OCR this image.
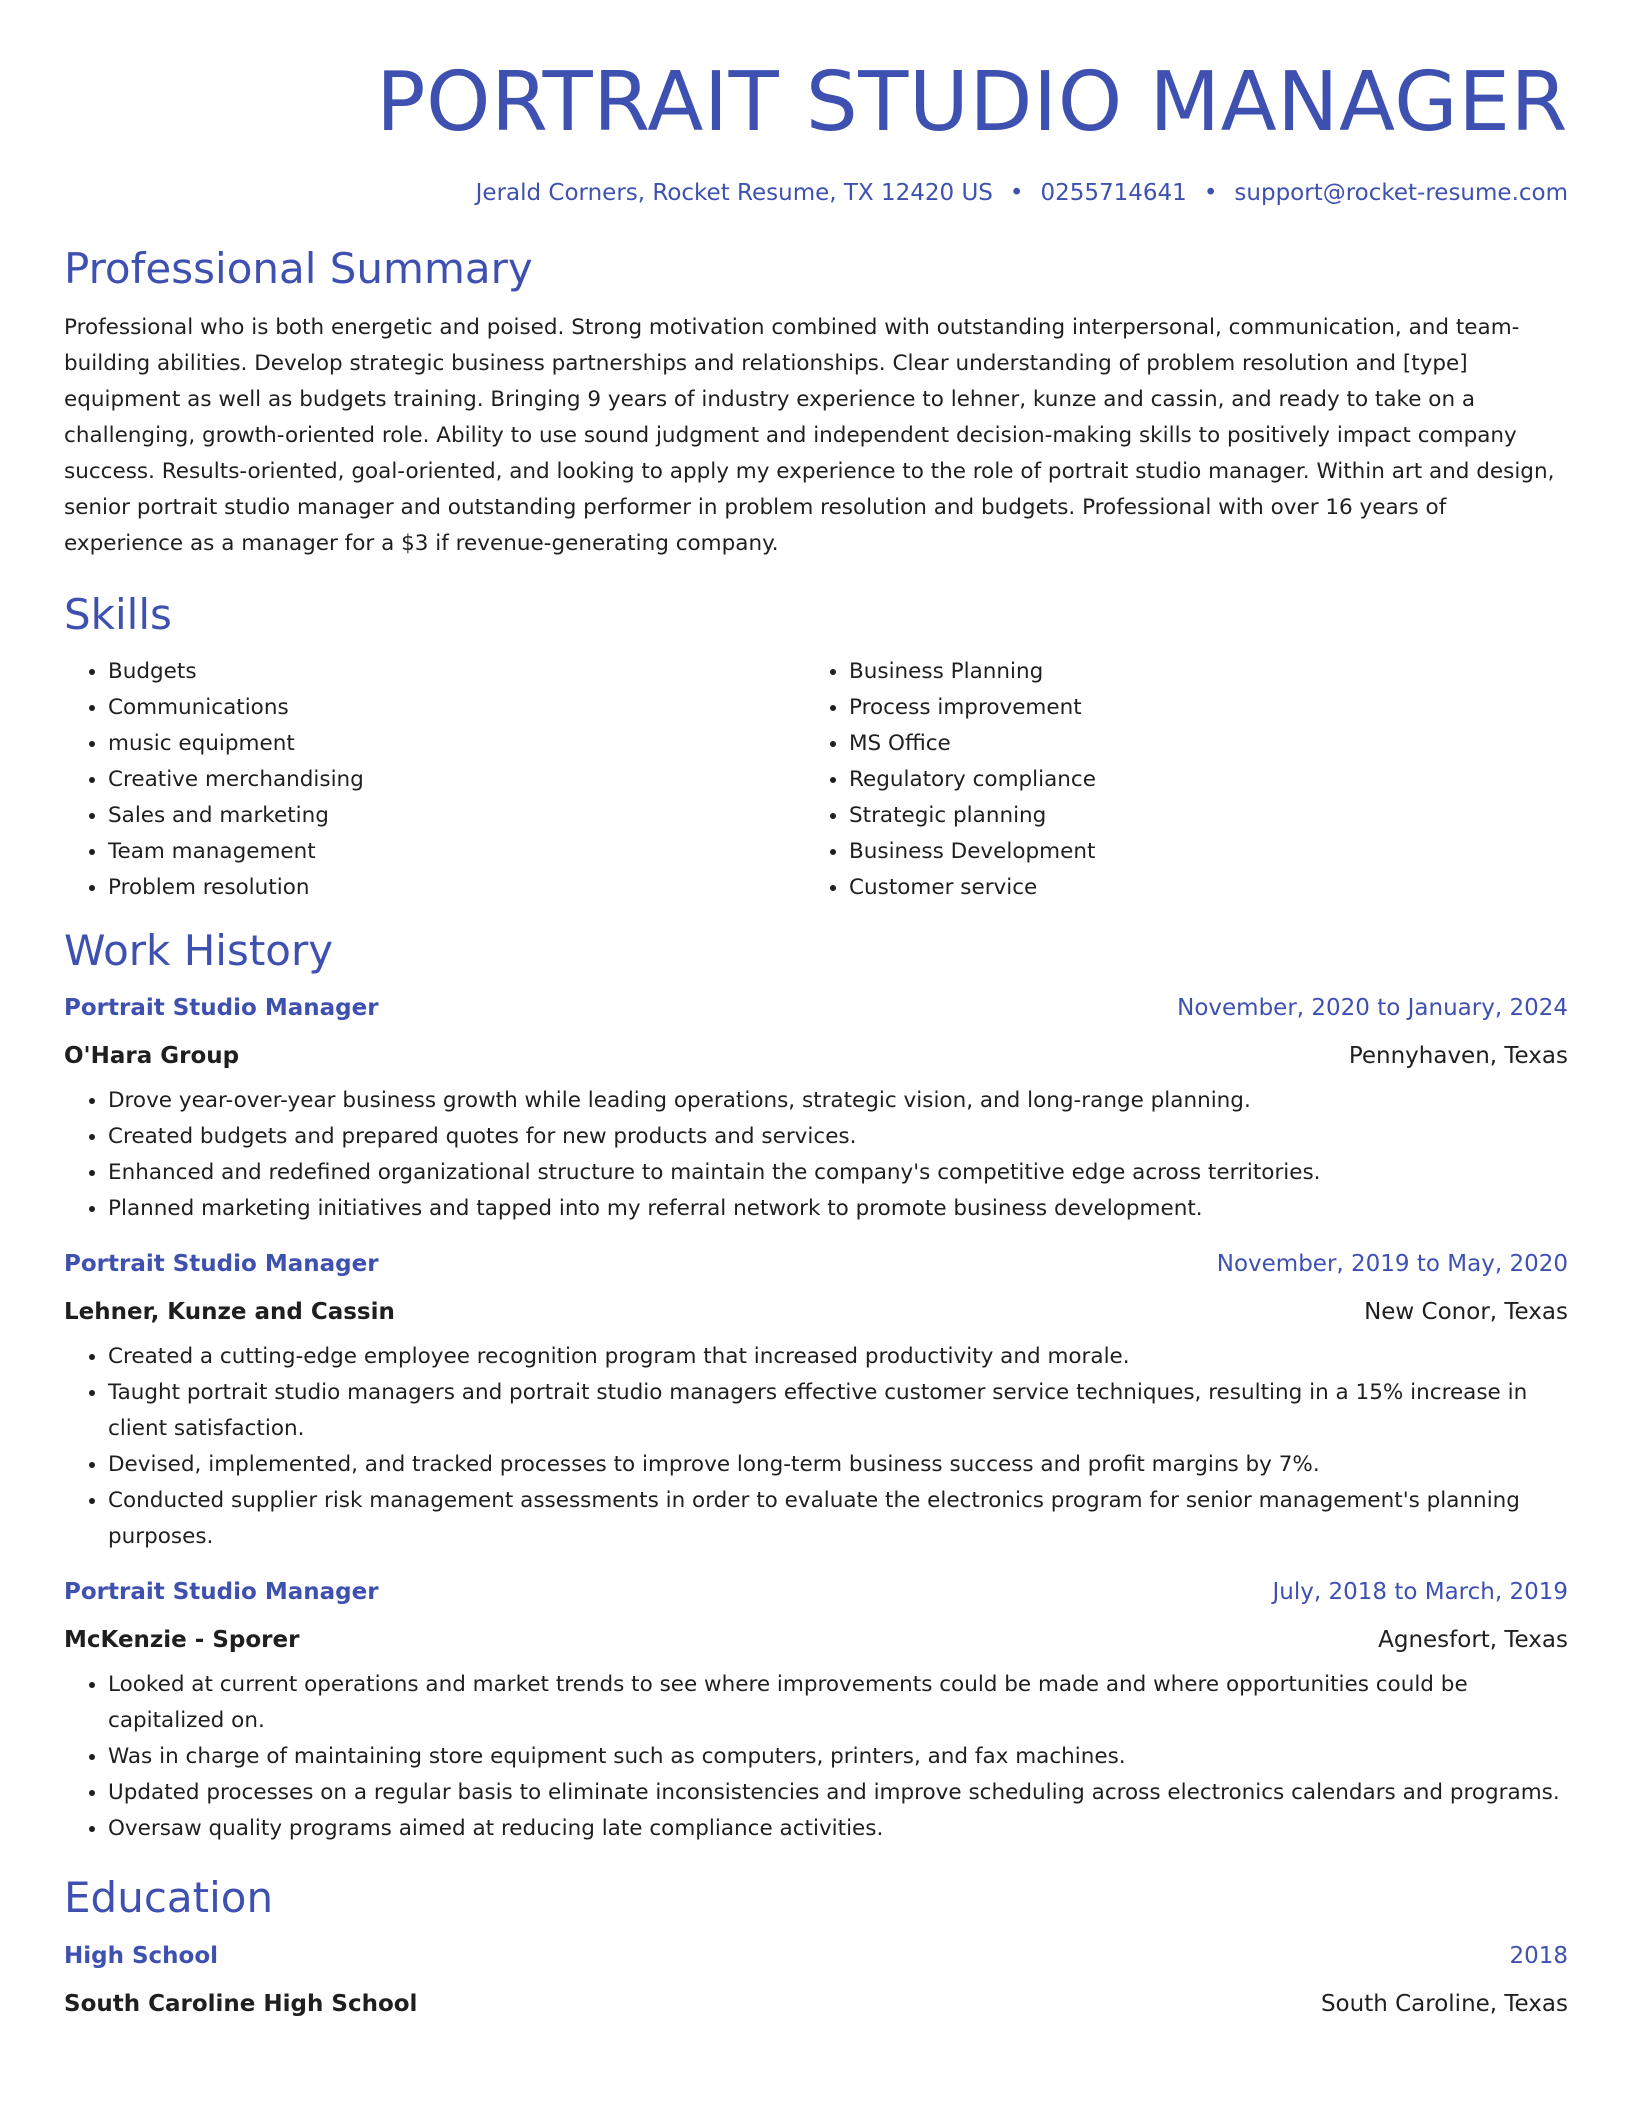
PORTRAIT STUDIO MANAGER
Jerald Corners, Rocket Resume, TX 12420 US • 0255714641 • support@rocket-resume.com
Professional Summary
Professional who is both energetic and poised. Strong motivation combined with outstanding interpersonal, communication, and team-building abilities. Develop strategic business partnerships and relationships. Clear understanding of problem resolution and [type] equipment as well as budgets training. Bringing 9 years of industry experience to lehner, kunze and cassin, and ready to take on a challenging, growth-oriented role. Ability to use sound judgment and independent decision-making skills to positively impact company success. Results-oriented, goal-oriented, and looking to apply my experience to the role of portrait studio manager. Within art and design, senior portrait studio manager and outstanding performer in problem resolution and budgets. Professional with over 16 years of experience as a manager for a $3 if revenue-generating company.
Skills
• Budgets
• Communications
• music equipment
• Creative merchandising
• Sales and marketing
• Team management
• Problem resolution
• Business Planning
• Process improvement
• MS Office
• Regulatory compliance
• Strategic planning
• Business Development
• Customer service
Work History
Portrait Studio Manager	November, 2020 to January, 2024
O'Hara Group	Pennyhaven, Texas
• Drove year-over-year business growth while leading operations, strategic vision, and long-range planning.
• Created budgets and prepared quotes for new products and services.
• Enhanced and redefined organizational structure to maintain the company's competitive edge across territories.
• Planned marketing initiatives and tapped into my referral network to promote business development.
Portrait Studio Manager	November, 2019 to May, 2020
Lehner, Kunze and Cassin	New Conor, Texas
• Created a cutting-edge employee recognition program that increased productivity and morale.
• Taught portrait studio managers and portrait studio managers effective customer service techniques, resulting in a 15% increase in client satisfaction.
• Devised, implemented, and tracked processes to improve long-term business success and profit margins by 7%.
• Conducted supplier risk management assessments in order to evaluate the electronics program for senior management's planning purposes.
Portrait Studio Manager	July, 2018 to March, 2019
McKenzie - Sporer	Agnesfort, Texas
• Looked at current operations and market trends to see where improvements could be made and where opportunities could be capitalized on.
• Was in charge of maintaining store equipment such as computers, printers, and fax machines.
• Updated processes on a regular basis to eliminate inconsistencies and improve scheduling across electronics calendars and programs.
• Oversaw quality programs aimed at reducing late compliance activities.
Education
High School	2018
South Caroline High School	South Caroline, Texas
